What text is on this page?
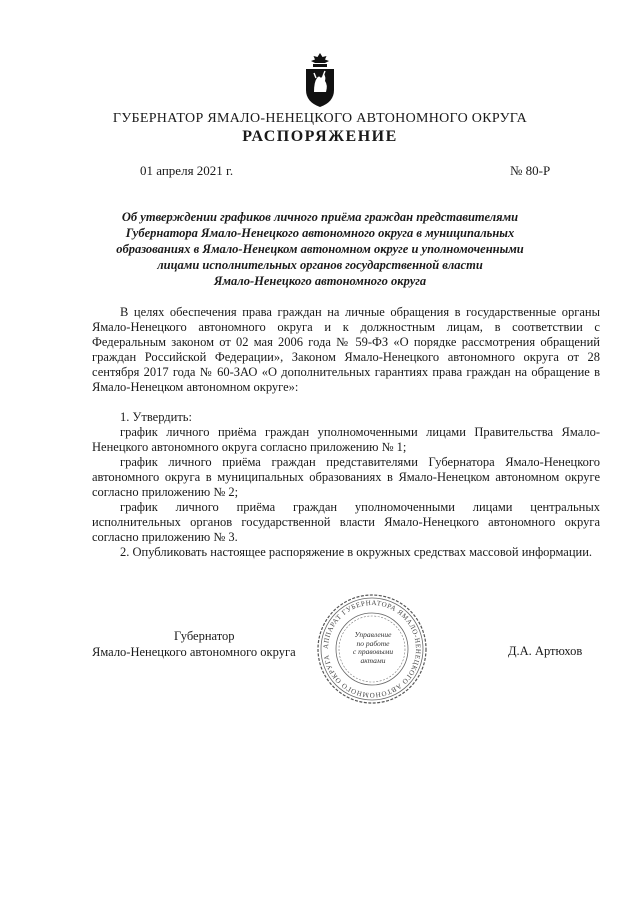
ГУБЕРНАТОР ЯМАЛО-НЕНЕЦКОГО АВТОНОМНОГО ОКРУГА
РАСПОРЯЖЕНИЕ
01 апреля 2021 г.	№ 80-Р
Об утверждении графиков личного приёма граждан представителями
Губернатора Ямало-Ненецкого автономного округа в муниципальных
образованиях в Ямало-Ненецком автономном округе и уполномоченными
лицами исполнительных органов государственной власти
Ямало-Ненецкого автономного округа

В целях обеспечения права граждан на личные обращения в государственные органы Ямало-Ненецкого автономного округа и к должностным лицам, в соответствии с Федеральным законом от 02 мая 2006 года № 59-ФЗ «О порядке рассмотрения обращений граждан Российской Федерации», Законом Ямало-Ненецкого автономного округа от 28 сентября 2017 года № 60-ЗАО «О дополнительных гарантиях права граждан на обращение в Ямало-Ненецком автономном округе»:

1. Утвердить:

график личного приёма граждан уполномоченными лицами Правительства Ямало-Ненецкого автономного округа согласно приложению № 1;

график личного приёма граждан представителями Губернатора Ямало-Ненецкого автономного округа в муниципальных образованиях в Ямало-Ненецком автономном округе согласно приложению № 2;

график личного приёма граждан уполномоченными лицами центральных исполнительных органов государственной власти Ямало-Ненецкого автономного округа согласно приложению № 3.

2. Опубликовать настоящее распоряжение в окружных средствах массовой информации.

Губернатор
Ямало-Ненецкого автономного округа	АППАРАТ ГУБЕРНАТОРА ЯМАЛО-НЕНЕЦКОГО АВТОНОМНОГО ОКРУГА
Управление
по работе
с правовыми
актами
Д.А. Артюхов
